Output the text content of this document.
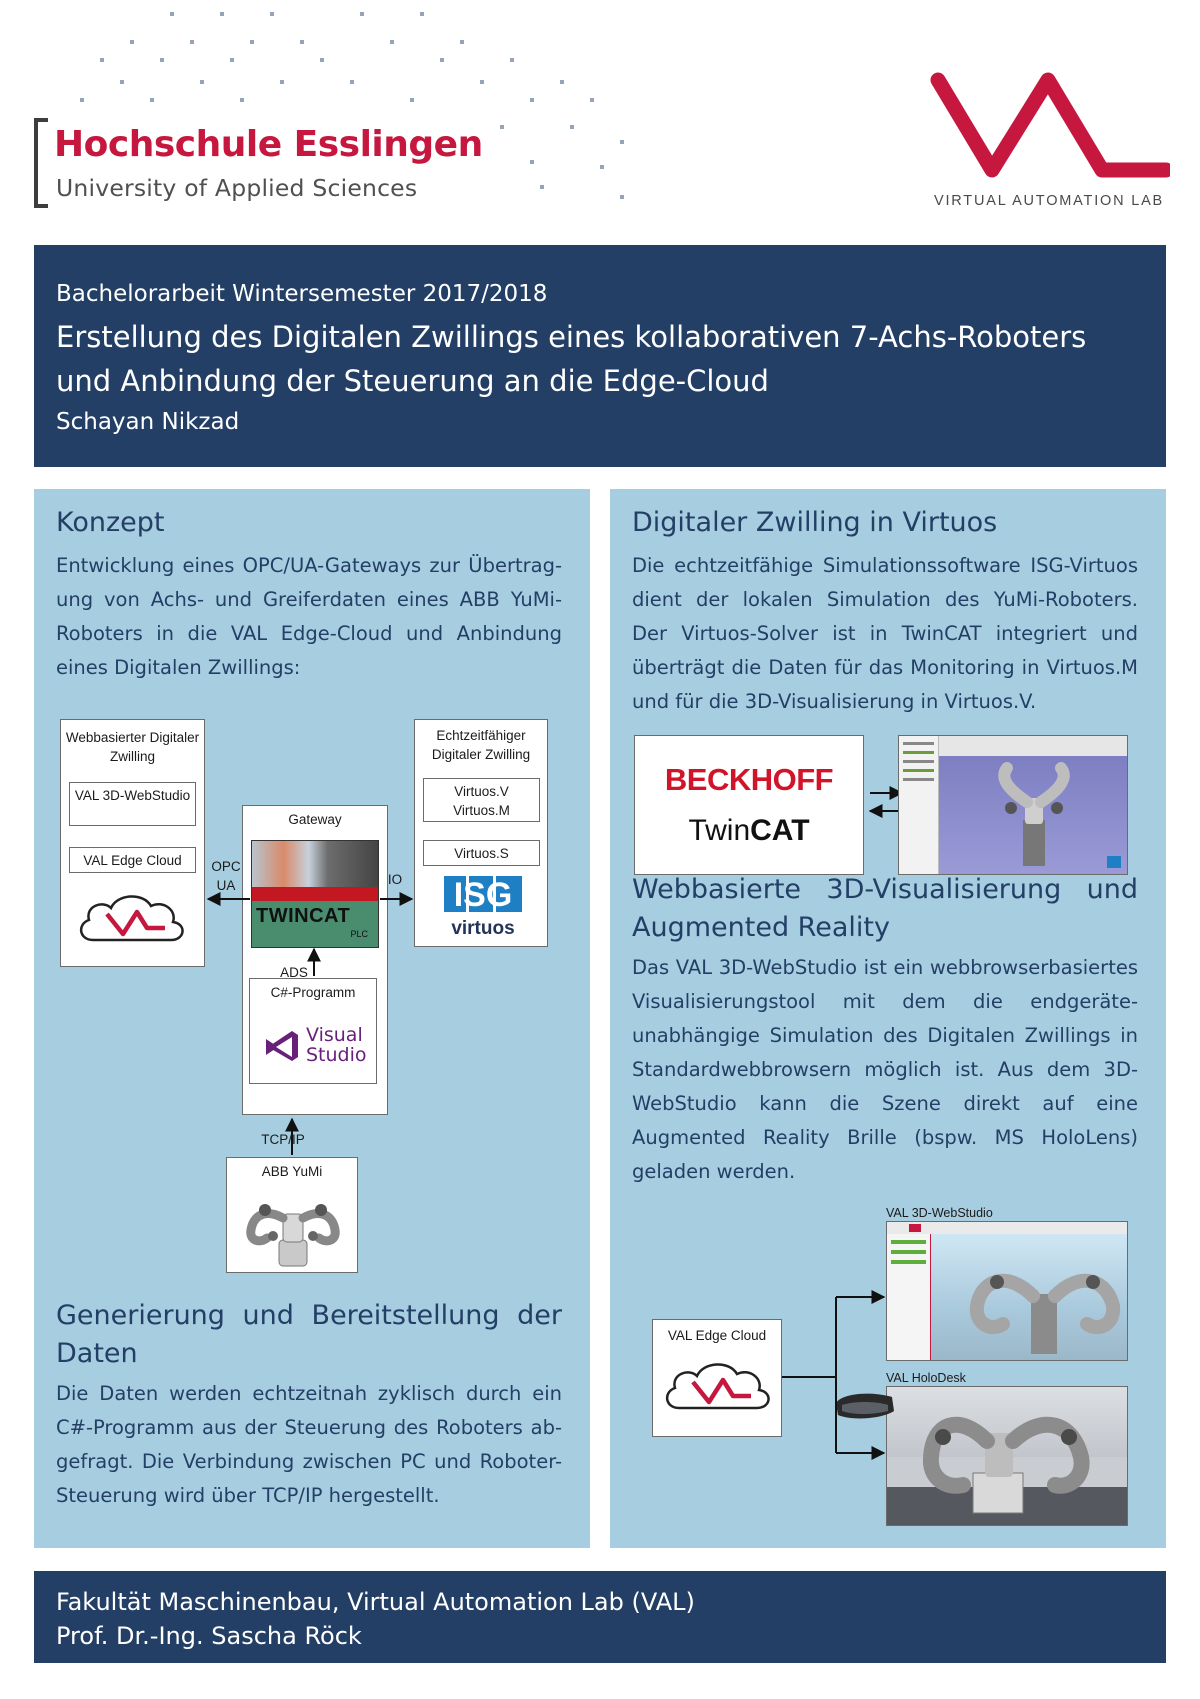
Hochschule Esslingen
University of Applied Sciences	VIRTUAL AUTOMATION LAB
Bachelorarbeit Wintersemester 2017/2018
Erstellung des Digitalen Zwillings eines kollaborativen 7-Achs-Roboters
und Anbindung der Steuerung an die Edge-Cloud
Schayan Nikzad
Konzept
Entwicklung eines OPC/UA-Gateways zur Übertrag-ung von Achs- und Greiferdaten eines ABB YuMi-Roboters in die VAL Edge-Cloud und Anbindung eines Digitalen Zwillings:
Webbasierter Digitaler Zwilling
VAL 3D-WebStudio
VAL Edge Cloud
Gateway
TWINCAT
PLC
C#-Programm
Visual
Studio
Echtzeitfähiger Digitaler Zwilling
Virtuos.V
Virtuos.M
Virtuos.S
ISG
virtuos
ABB YuMi
OPC UA	IO
ADS
TCP/IP
Generierung und Bereitstellung der
Daten
Die Daten werden echtzeitnah zyklisch durch ein C#-Programm aus der Steuerung des Roboters ab-gefragt. Die Verbindung zwischen PC und Roboter-Steuerung wird über TCP/IP hergestellt.
Digitaler Zwilling in Virtuos
Die echtzeitfähige Simulationssoftware ISG-Virtuos dient der lokalen Simulation des YuMi-Roboters. Der Virtuos-Solver ist in TwinCAT integriert und überträgt die Daten für das Monitoring in Virtuos.M und für die 3D-Visualisierung in Virtuos.V.
BECKHOFF
TwinCAT
Webbasierte 3D-Visualisierung und
Augmented Reality
Das VAL 3D-WebStudio ist ein webbrowserbasiertes Visualisierungstool mit dem die endgeräte-unabhängige Simulation des Digitalen Zwillings in Standardwebbrowsern möglich ist. Aus dem 3D-WebStudio kann die Szene direkt auf eine Augmented Reality Brille (bspw. MS HoloLens) geladen werden.
VAL 3D-WebStudio
VAL HoloDesk
VAL Edge Cloud
Fakultät Maschinenbau, Virtual Automation Lab (VAL)
Prof. Dr.-Ing. Sascha Röck
